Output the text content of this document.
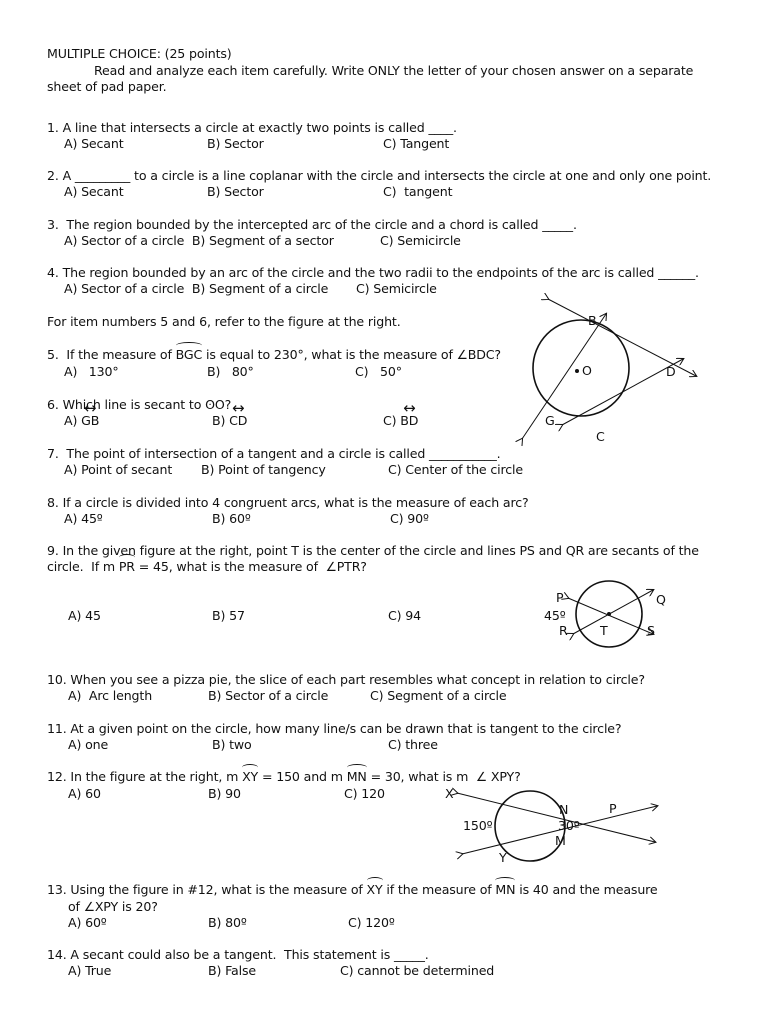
MULTIPLE CHOICE: (25 points)
Read and analyze each item carefully. Write ONLY the letter of your chosen answer on a separate
sheet of pad paper.
1. A line that intersects a circle at exactly two points is called ____.
A) Secant	B) Sector	C) Tangent
2. A _________ to a circle is a line coplanar with the circle and intersects the circle at one and only one point.
A) Secant	B) Sector	C)  tangent
3.  The region bounded by the intercepted arc of the circle and a chord is called _____.
A) Sector of a circle  B) Segment of a sector	C) Semicircle
4. The region bounded by an arc of the circle and the two radii to the endpoints of the arc is called ______.
A) Sector of a circle  B) Segment of a circle C) Semicircle
For item numbers 5 and 6, refer to the figure at the right.
5.  If the measure of BGC is equal to 230°, what is the measure of ∠BDC?
A)   130°	B)   80°	C)   50°
6. Which line is secant to ʘO?
A) ↔ GB	B) ↔ CD	C) ↔ BD
7.  The point of intersection of a tangent and a circle is called ___________.
A) Point of secant B) Point of tangency	C) Center of the circle
8. If a circle is divided into 4 congruent arcs, what is the measure of each arc?
A) 45º	B) 60º	C) 90º
9. In the given figure at the right, point T is the center of the circle and lines PS and QR are secants of the
circle.  If m PR = 45, what is the measure of  ∠PTR?
A) 45	B) 57	C) 94
10. When you see a pizza pie, the slice of each part resembles what concept in relation to circle?
A)  Arc length	B) Sector of a circle	C) Segment of a circle
11. At a given point on the circle, how many line/s can be drawn that is tangent to the circle?
A) one	B) two	C) three
12. In the figure at the right, m XY = 150 and m MN = 30, what is m  ∠ XPY?
A) 60	B) 90	C) 120
13. Using the figure in #12, what is the measure of XY if the measure of MN is 40 and the measure
of ∠XPY is 20?
A) 60º	B) 80º	C) 120º
14. A secant could also be a tangent.  This statement is _____.
A) True	B) False	C) cannot be determined
B
O	D
G
C
P	Q
45º
R	T	S
X
N	P
150º	30º
M
Y
